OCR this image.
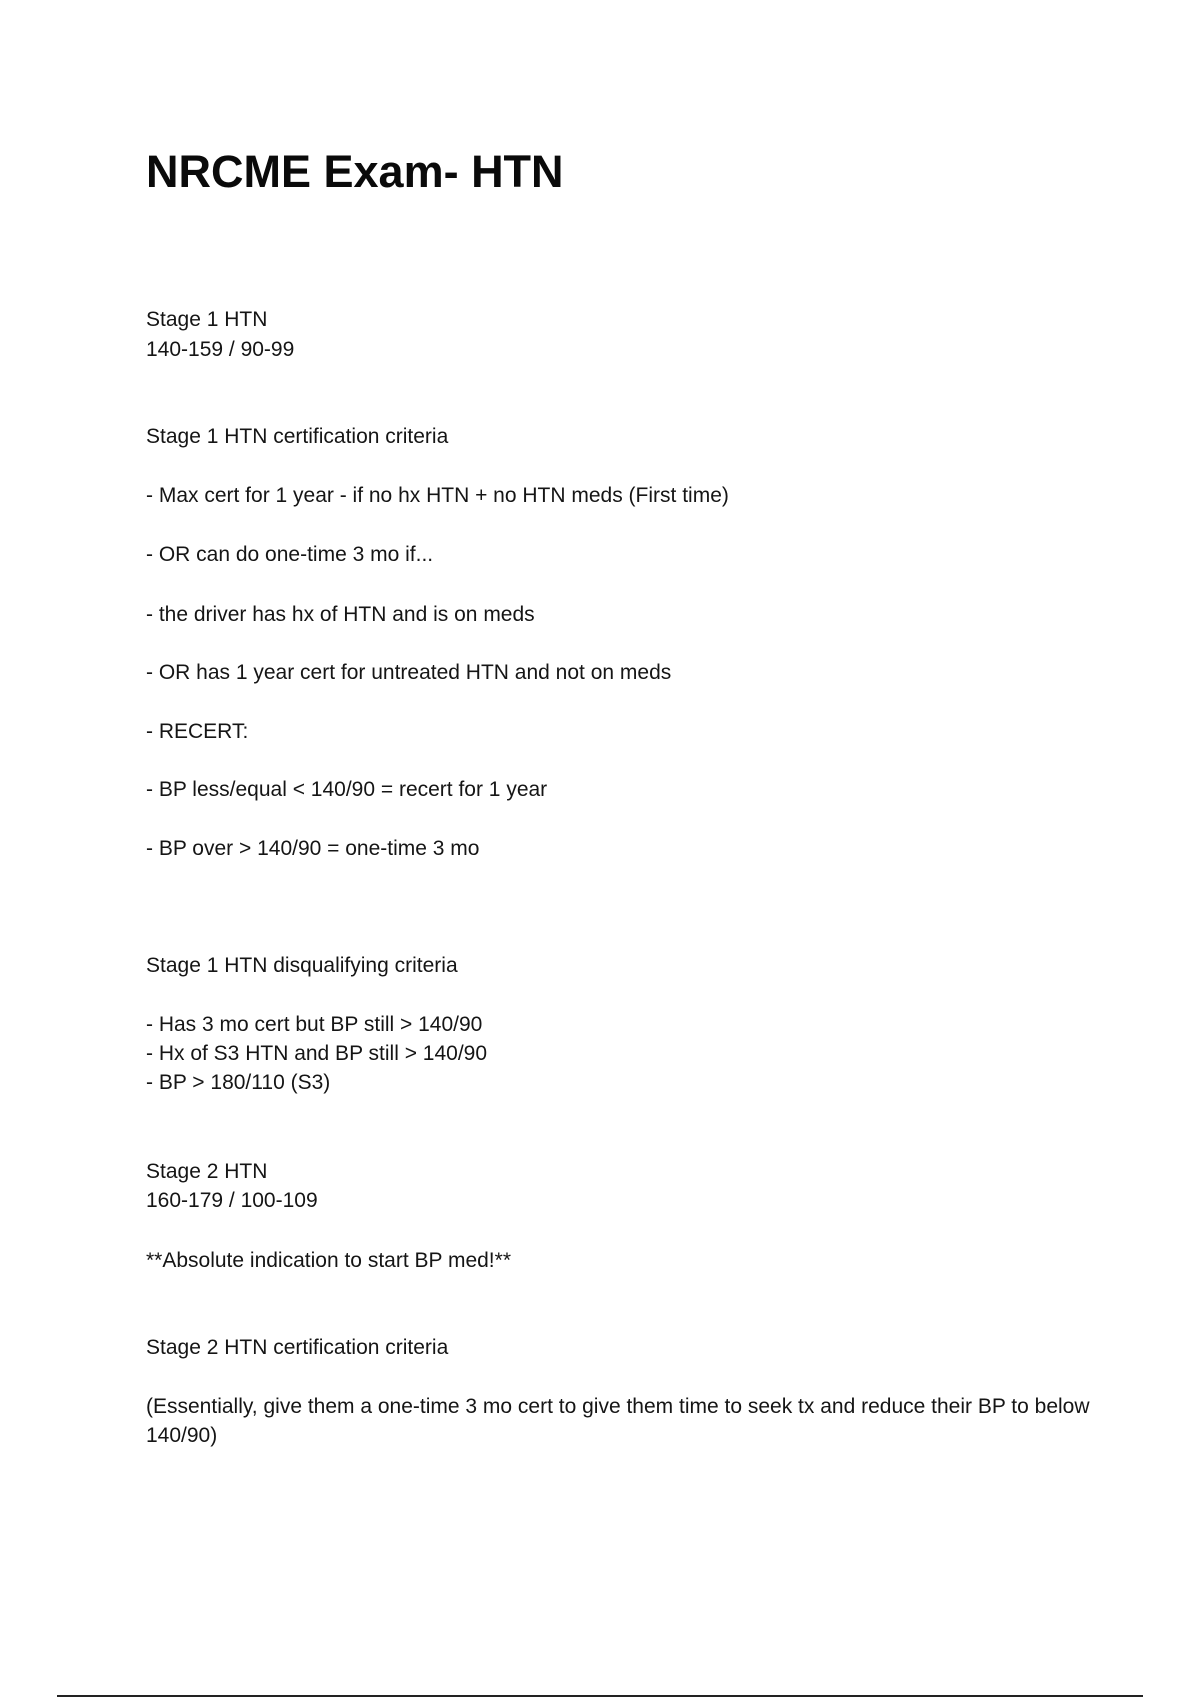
NRCME Exam- HTN

Stage 1 HTN

140-159 / 90-99

Stage 1 HTN certification criteria

- Max cert for 1 year - if no hx HTN + no HTN meds (First time)

- OR can do one-time 3 mo if...

- the driver has hx of HTN and is on meds

- OR has 1 year cert for untreated HTN and not on meds

- RECERT:

- BP less/equal < 140/90 = recert for 1 year

- BP over > 140/90 = one-time 3 mo

Stage 1 HTN disqualifying criteria

- Has 3 mo cert but BP still > 140/90

- Hx of S3 HTN and BP still > 140/90

- BP > 180/110 (S3)

Stage 2 HTN

160-179 / 100-109

**Absolute indication to start BP med!**

Stage 2 HTN certification criteria

(Essentially, give them a one-time 3 mo cert to give them time to seek tx and reduce their BP to below 140/90)
